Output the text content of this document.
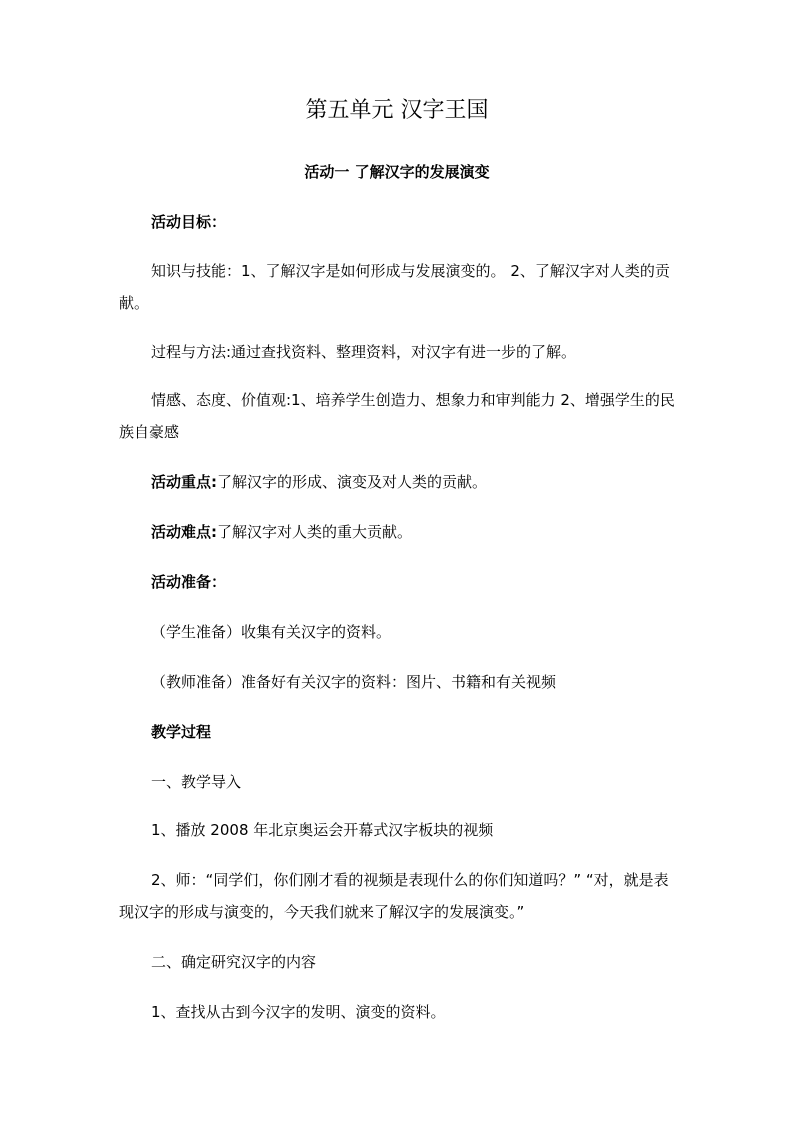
第五单元 汉字王国
活动一 了解汉字的发展演变
活动目标：
知识与技能：1、了解汉字是如何形成与发展演变的。 2、了解汉字对人类的贡献。
过程与方法:通过查找资料、整理资料，对汉字有进一步的了解。
情感、态度、价值观:1、培养学生创造力、想象力和审判能力 2、增强学生的民族自豪感
活动重点:了解汉字的形成、演变及对人类的贡献。
活动难点:了解汉字对人类的重大贡献。
活动准备：
（学生准备）收集有关汉字的资料。
（教师准备）准备好有关汉字的资料：图片、书籍和有关视频
教学过程
一、教学导入
1、播放 2008 年北京奥运会开幕式汉字板块的视频
2、师：“同学们，你们刚才看的视频是表现什么的你们知道吗？” “对，就是表现汉字的形成与演变的，今天我们就来了解汉字的发展演变。”
二、确定研究汉字的内容
1、查找从古到今汉字的发明、演变的资料。
